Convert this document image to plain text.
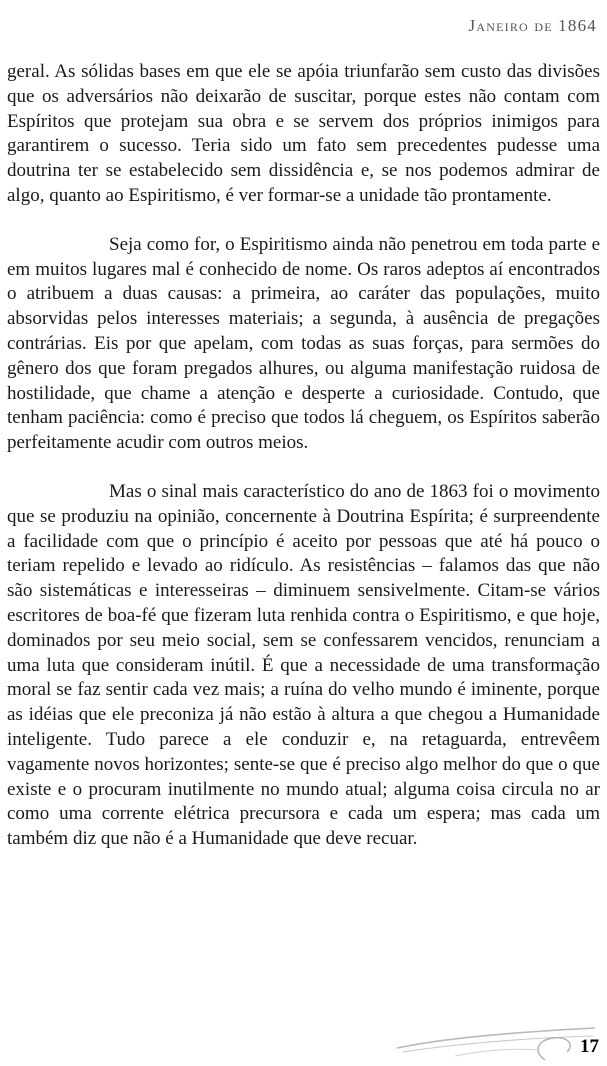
Janeiro de 1864

geral. As sólidas bases em que ele se apóia triunfarão sem custo das divisões que os adversários não deixarão de suscitar, porque estes não contam com Espíritos que protejam sua obra e se servem dos próprios inimigos para garantirem o sucesso. Teria sido um fato sem precedentes pudesse uma doutrina ter se estabelecido sem dissidência e, se nos podemos admirar de algo, quanto ao Espiritismo, é ver formar-se a unidade tão prontamente.

Seja como for, o Espiritismo ainda não penetrou em toda parte e em muitos lugares mal é conhecido de nome. Os raros adeptos aí encontrados o atribuem a duas causas: a primeira, ao caráter das populações, muito absorvidas pelos interesses materiais; a segunda, à ausência de pregações contrárias. Eis por que apelam, com todas as suas forças, para sermões do gênero dos que foram pregados alhures, ou alguma manifestação ruidosa de hostilidade, que chame a atenção e desperte a curiosidade. Contudo, que tenham paciência: como é preciso que todos lá cheguem, os Espíritos saberão perfeitamente acudir com outros meios.

Mas o sinal mais característico do ano de 1863 foi o movimento que se produziu na opinião, concernente à Doutrina Espírita; é surpreendente a facilidade com que o princípio é aceito por pessoas que até há pouco o teriam repelido e levado ao ridículo. As resistências – falamos das que não são sistemáticas e interesseiras – diminuem sensivelmente. Citam-se vários escritores de boa-fé que fizeram luta renhida contra o Espiritismo, e que hoje, dominados por seu meio social, sem se confessarem vencidos, renunciam a uma luta que consideram inútil. É que a necessidade de uma transformação moral se faz sentir cada vez mais; a ruína do velho mundo é iminente, porque as idéias que ele preconiza já não estão à altura a que chegou a Humanidade inteligente. Tudo parece a ele conduzir e, na retaguarda, entrevêem vagamente novos horizontes; sente-se que é preciso algo melhor do que o que existe e o procuram inutilmente no mundo atual; alguma coisa circula no ar como uma corrente elétrica precursora e cada um espera; mas cada um também diz que não é a Humanidade que deve recuar.

17
